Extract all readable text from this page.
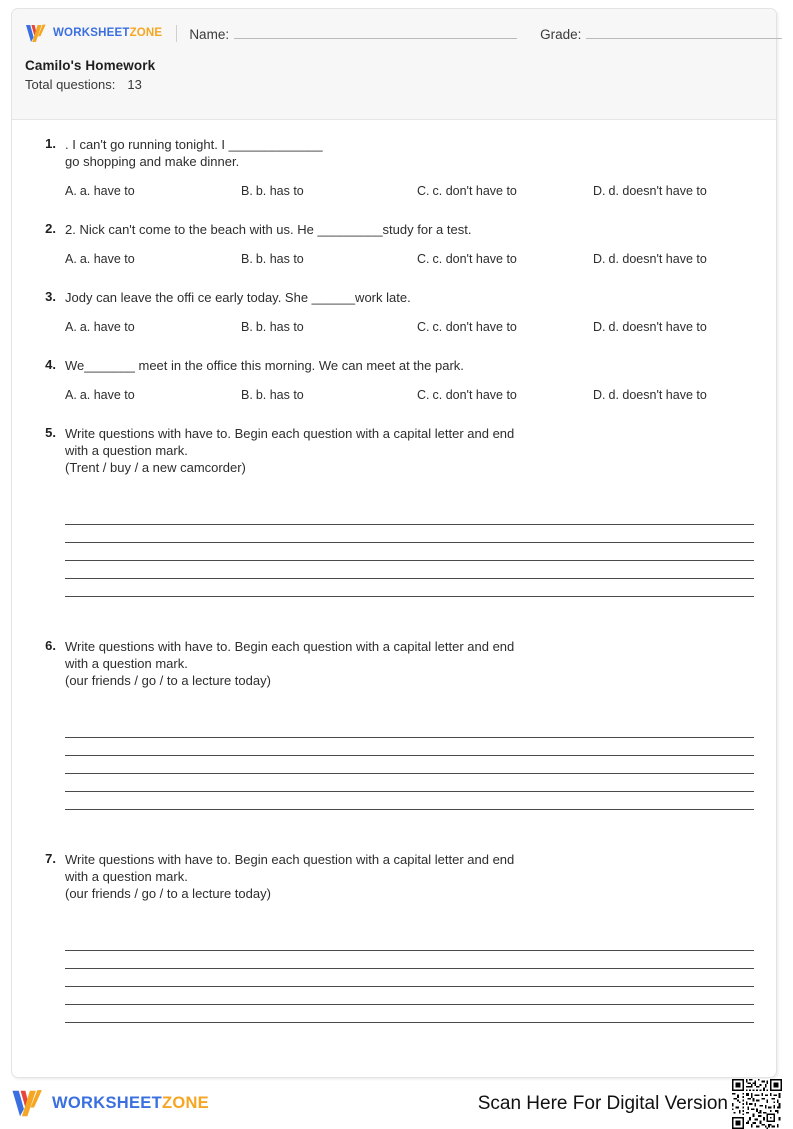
WORKSHEETZONE Name:	Grade:
Camilo's Homework
Total questions: 13
1. . I can't go running tonight. I _____________
go shopping and make dinner.

A. a. have to	B. b. has to	C. c. don't have to	D. d. doesn't have to
2. 2. Nick can't come to the beach with us. He _________study for a test.

A. a. have to	B. b. has to	C. c. don't have to	D. d. doesn't have to
3. Jody can leave the offi ce early today. She ______work late.

A. a. have to	B. b. has to	C. c. don't have to	D. d. doesn't have to
4. We_______ meet in the office this morning. We can meet at the park.

A. a. have to	B. b. has to	C. c. don't have to	D. d. doesn't have to
5. Write questions with have to. Begin each question with a capital letter and end
with a question mark.
(Trent / buy / a new camcorder)

6. Write questions with have to. Begin each question with a capital letter and end
with a question mark.
(our friends / go / to a lecture today)

7. Write questions with have to. Begin each question with a capital letter and end
with a question mark.
(our friends / go / to a lecture today)

WORKSHEETZONE	Scan Here For Digital Version
